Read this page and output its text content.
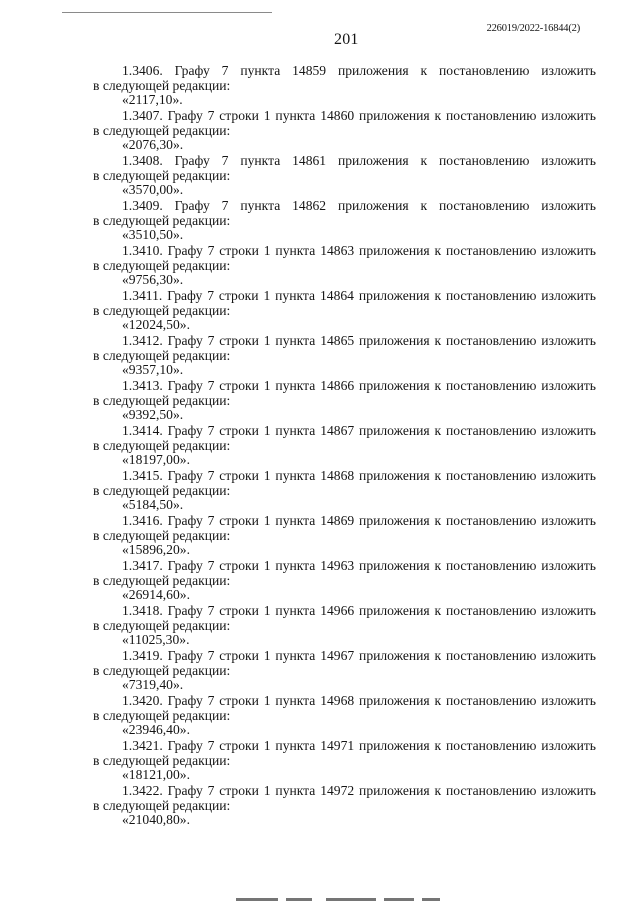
201
226019/2022-16844(2)
1.3406. Графу 7 пункта 14859 приложения к постановлению изложить
в следующей редакции:
«2117,10».
1.3407. Графу 7 строки 1 пункта 14860 приложения к постановлению изложить
в следующей редакции:
«2076,30».
1.3408. Графу 7 пункта 14861 приложения к постановлению изложить
в следующей редакции:
«3570,00».
1.3409. Графу 7 пункта 14862 приложения к постановлению изложить
в следующей редакции:
«3510,50».
1.3410. Графу 7 строки 1 пункта 14863 приложения к постановлению изложить
в следующей редакции:
«9756,30».
1.3411. Графу 7 строки 1 пункта 14864 приложения к постановлению изложить
в следующей редакции:
«12024,50».
1.3412. Графу 7 строки 1 пункта 14865 приложения к постановлению изложить
в следующей редакции:
«9357,10».
1.3413. Графу 7 строки 1 пункта 14866 приложения к постановлению изложить
в следующей редакции:
«9392,50».
1.3414. Графу 7 строки 1 пункта 14867 приложения к постановлению изложить
в следующей редакции:
«18197,00».
1.3415. Графу 7 строки 1 пункта 14868 приложения к постановлению изложить
в следующей редакции:
«5184,50».
1.3416. Графу 7 строки 1 пункта 14869 приложения к постановлению изложить
в следующей редакции:
«15896,20».
1.3417. Графу 7 строки 1 пункта 14963 приложения к постановлению изложить
в следующей редакции:
«26914,60».
1.3418. Графу 7 строки 1 пункта 14966 приложения к постановлению изложить
в следующей редакции:
«11025,30».
1.3419. Графу 7 строки 1 пункта 14967 приложения к постановлению изложить
в следующей редакции:
«7319,40».
1.3420. Графу 7 строки 1 пункта 14968 приложения к постановлению изложить
в следующей редакции:
«23946,40».
1.3421. Графу 7 строки 1 пункта 14971 приложения к постановлению изложить
в следующей редакции:
«18121,00».
1.3422. Графу 7 строки 1 пункта 14972 приложения к постановлению изложить
в следующей редакции:
«21040,80».
